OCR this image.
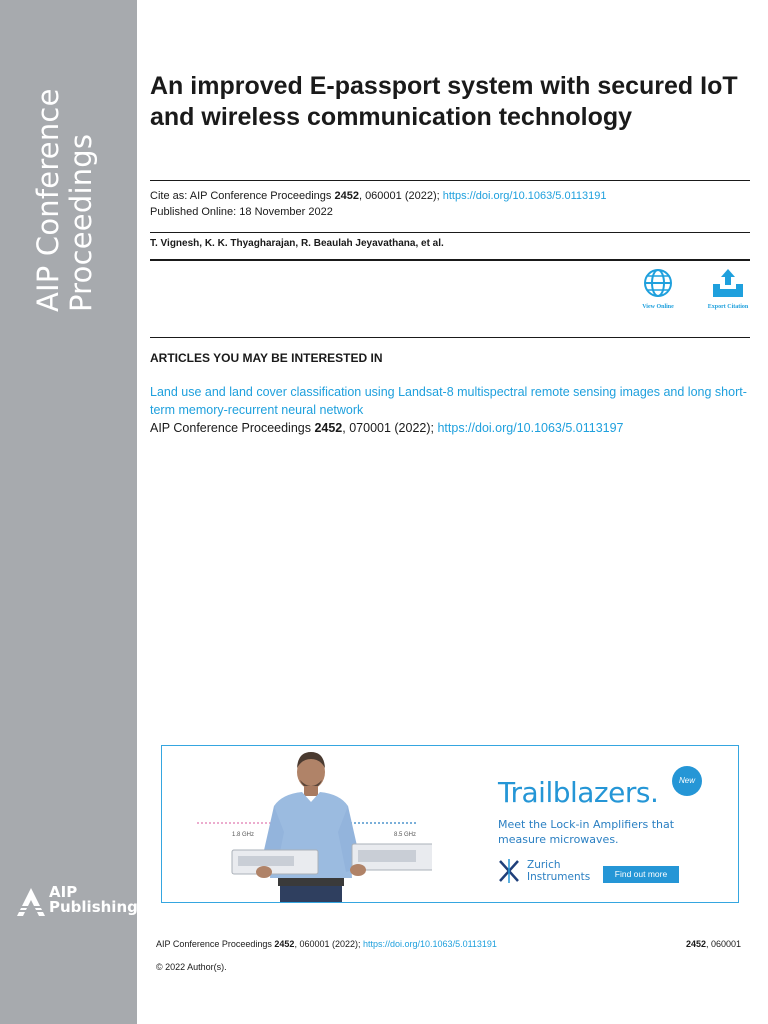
AIP Conference
Proceedings
AIP
Publishing
An improved E-passport system with secured IoT and wireless communication technology
Cite as: AIP Conference Proceedings 2452, 060001 (2022); https://doi.org/10.1063/5.0113191
Published Online: 18 November 2022
T. Vignesh, K. K. Thyagharajan, R. Beaulah Jeyavathana, et al.
View Online	Export Citation
ARTICLES YOU MAY BE INTERESTED IN
Land use and land cover classification using Landsat-8 multispectral remote sensing images and long short-term memory-recurrent neural network
AIP Conference Proceedings 2452, 070001 (2022); https://doi.org/10.1063/5.0113197
1.8 GHz	8.5 GHz
Trailblazers.	New
Meet the Lock-in Amplifiers that
measure microwaves.
Zurich
Instruments	Find out more
AIP Conference Proceedings 2452, 060001 (2022); https://doi.org/10.1063/5.0113191	2452, 060001
© 2022 Author(s).
